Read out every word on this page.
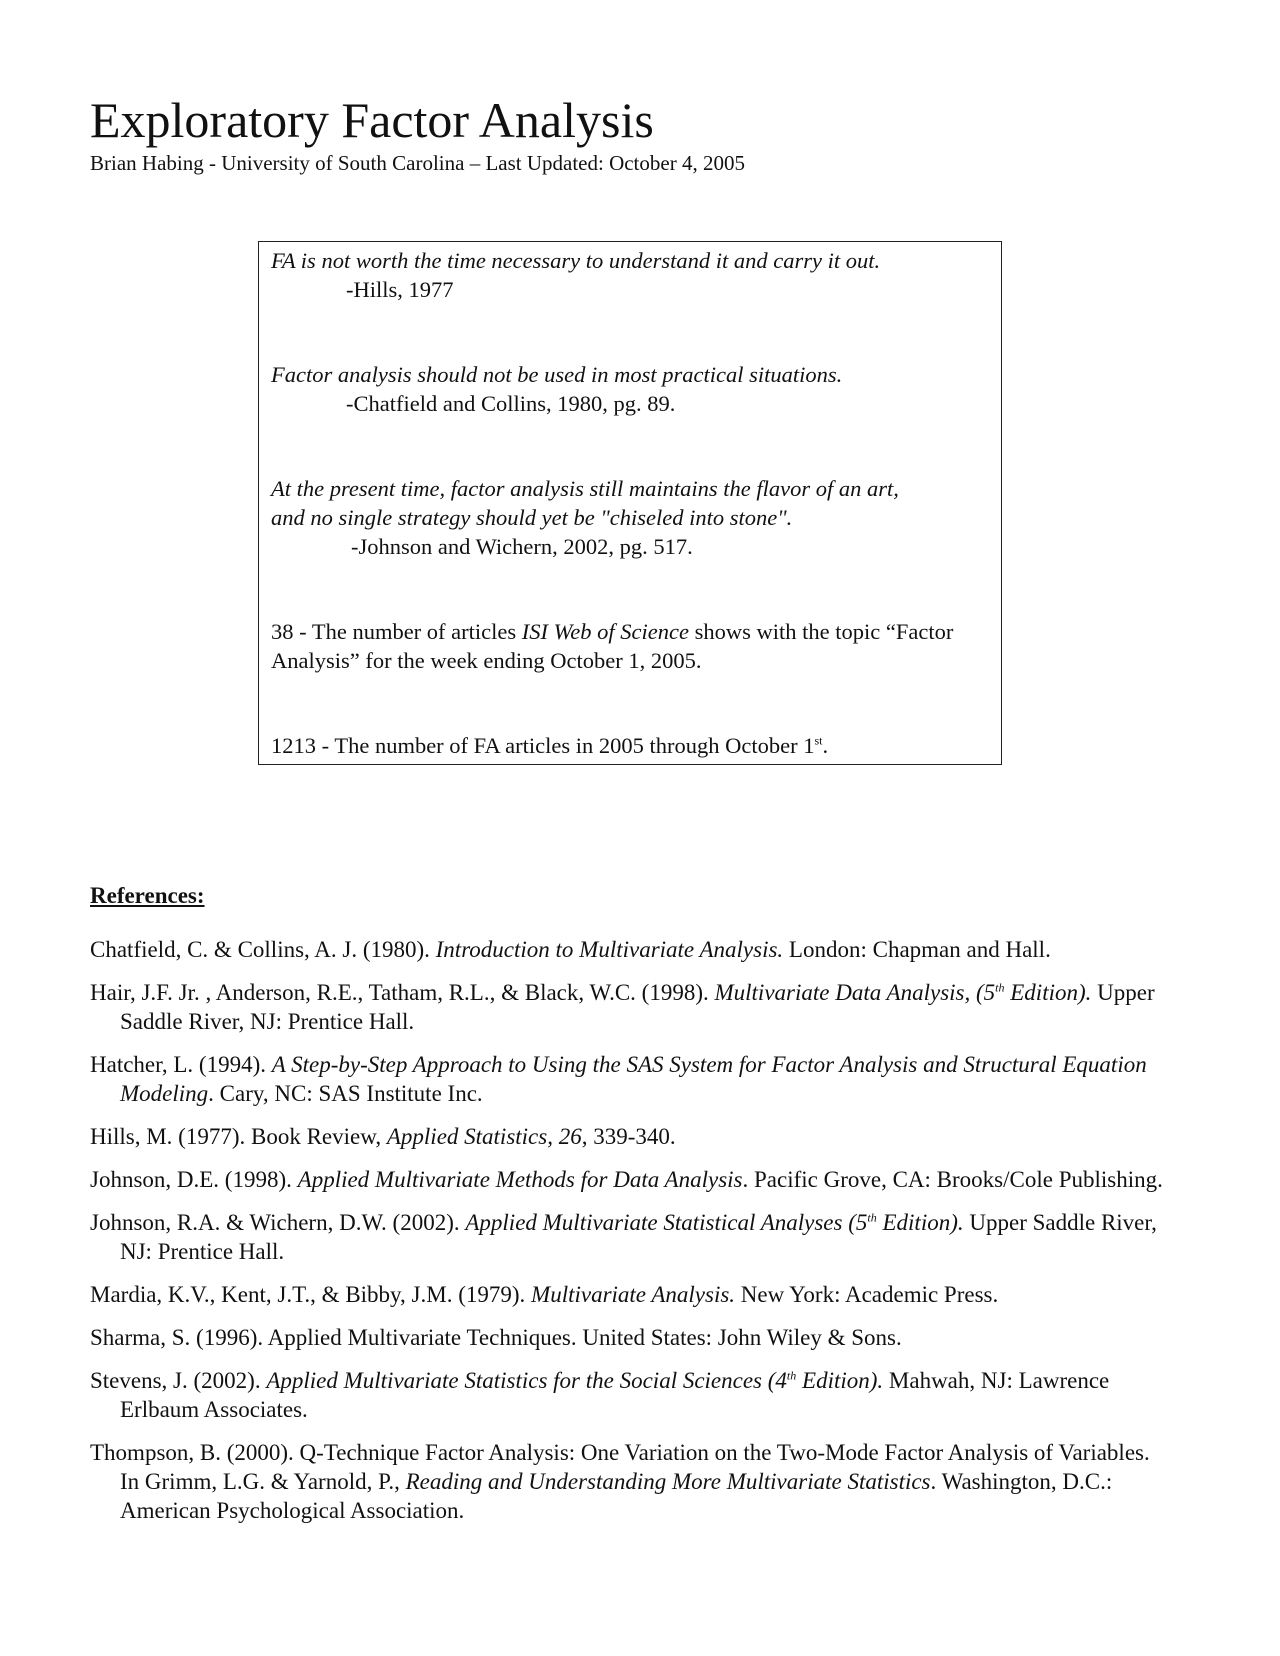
Exploratory Factor Analysis
Brian Habing - University of South Carolina – Last Updated: October 4, 2005

FA is not worth the time necessary to understand it and carry it out.

-Hills, 1977

Factor analysis should not be used in most practical situations.

-Chatfield and Collins, 1980, pg. 89.

At the present time, factor analysis still maintains the flavor of an art,

and no single strategy should yet be "chiseled into stone".

-Johnson and Wichern, 2002, pg. 517.

38 - The number of articles ISI Web of Science shows with the topic “Factor Analysis” for the week ending October 1, 2005.

1213 - The number of FA articles in 2005 through October 1st.

References:

Chatfield, C. & Collins, A. J. (1980). Introduction to Multivariate Analysis. London: Chapman and Hall.

Hair, J.F. Jr. , Anderson, R.E., Tatham, R.L., & Black, W.C. (1998). Multivariate Data Analysis, (5th Edition). Upper Saddle River, NJ: Prentice Hall.

Hatcher, L. (1994). A Step-by-Step Approach to Using the SAS System for Factor Analysis and Structural Equation Modeling. Cary, NC: SAS Institute Inc.

Hills, M. (1977). Book Review, Applied Statistics, 26, 339-340.

Johnson, D.E. (1998). Applied Multivariate Methods for Data Analysis. Pacific Grove, CA: Brooks/Cole Publishing.

Johnson, R.A. & Wichern, D.W. (2002). Applied Multivariate Statistical Analyses (5th Edition). Upper Saddle River, NJ: Prentice Hall.

Mardia, K.V., Kent, J.T., & Bibby, J.M. (1979). Multivariate Analysis. New York: Academic Press.

Sharma, S. (1996). Applied Multivariate Techniques. United States: John Wiley & Sons.

Stevens, J. (2002). Applied Multivariate Statistics for the Social Sciences (4th Edition). Mahwah, NJ: Lawrence Erlbaum Associates.

Thompson, B. (2000). Q-Technique Factor Analysis: One Variation on the Two-Mode Factor Analysis of Variables. In Grimm, L.G. & Yarnold, P., Reading and Understanding More Multivariate Statistics. Washington, D.C.: American Psychological Association.
